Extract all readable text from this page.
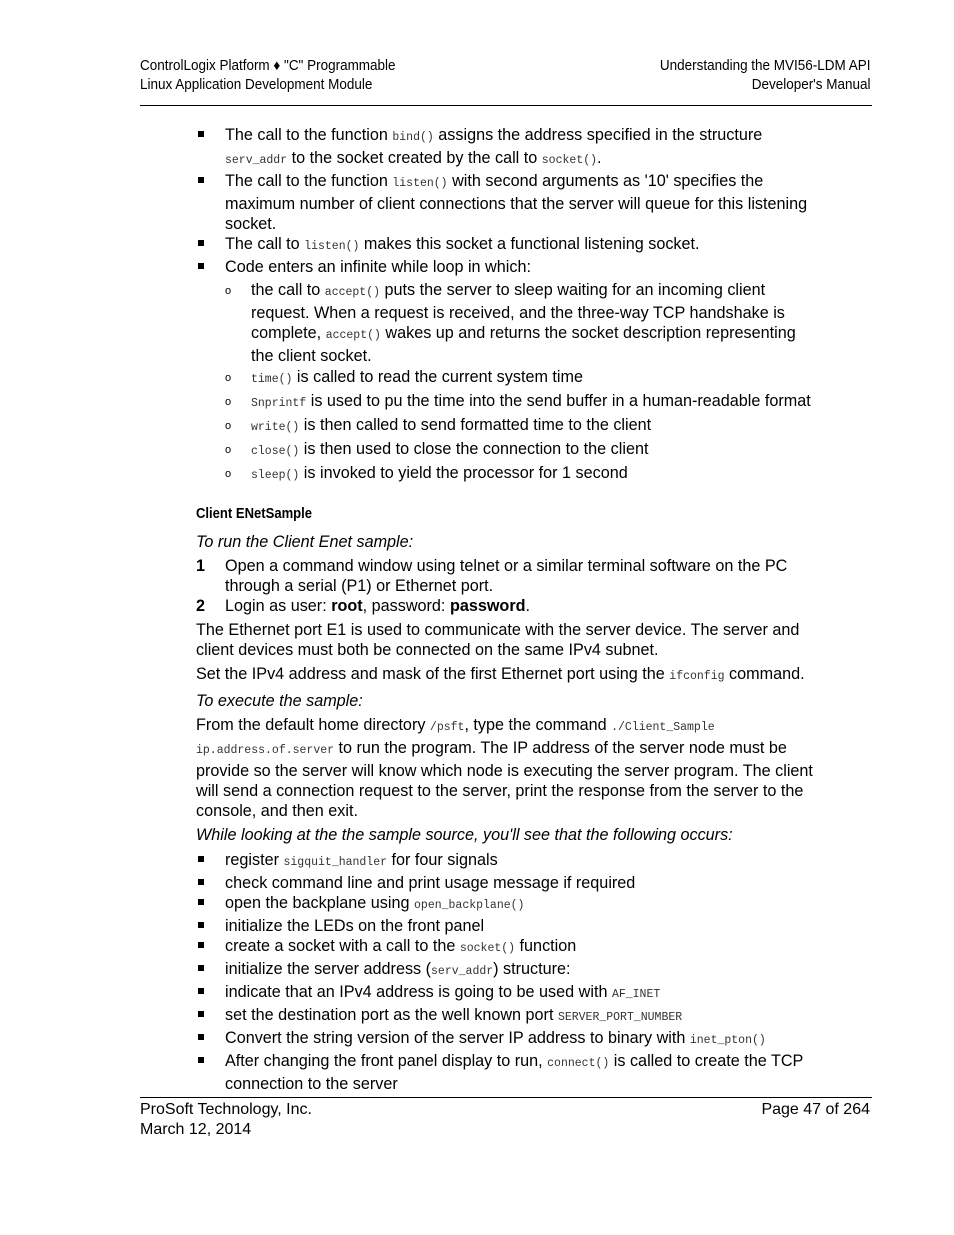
ControlLogix Platform ♦ "C" Programmable
Linux Application Development Module
Understanding the MVI56-LDM API
Developer's Manual
The call to the function bind() assigns the address specified in the structure serv_addr to the socket created by the call to socket().
The call to the function listen() with second arguments as '10' specifies the maximum number of client connections that the server will queue for this listening socket.
The call to listen() makes this socket a functional listening socket.
Code enters an infinite while loop in which:
o the call to accept() puts the server to sleep waiting for an incoming client request. When a request is received, and the three-way TCP handshake is complete, accept() wakes up and returns the socket description representing the client socket.
o time() is called to read the current system time
o Snprintf is used to pu the time into the send buffer in a human-readable format
o write() is then called to send formatted time to the client
o close() is then used to close the connection to the client
o sleep() is invoked to yield the processor for 1 second
Client ENetSample
To run the Client Enet sample:
1 Open a command window using telnet or a similar terminal software on the PC through a serial (P1) or Ethernet port.
2 Login as user: root, password: password.

The Ethernet port E1 is used to communicate with the server device. The server and client devices must both be connected on the same IPv4 subnet.

Set the IPv4 address and mask of the first Ethernet port using the ifconfig command.

To execute the sample:

From the default home directory /psft, type the command ./Client_Sample ip.address.of.server to run the program. The IP address of the server node must be provide so the server will know which node is executing the server program. The client will send a connection request to the server, print the response from the server to the console, and then exit.

While looking at the the sample source, you'll see that the following occurs:

register sigquit_handler for four signals
check command line and print usage message if required
open the backplane using open_backplane()
initialize the LEDs on the front panel
create a socket with a call to the socket() function
initialize the server address (serv_addr) structure:
indicate that an IPv4 address is going to be used with AF_INET
set the destination port as the well known port SERVER_PORT_NUMBER
Convert the string version of the server IP address to binary with inet_pton()
After changing the front panel display to run, connect() is called to create the TCP connection to the server
ProSoft Technology, Inc.
March 12, 2014
Page 47 of 264
